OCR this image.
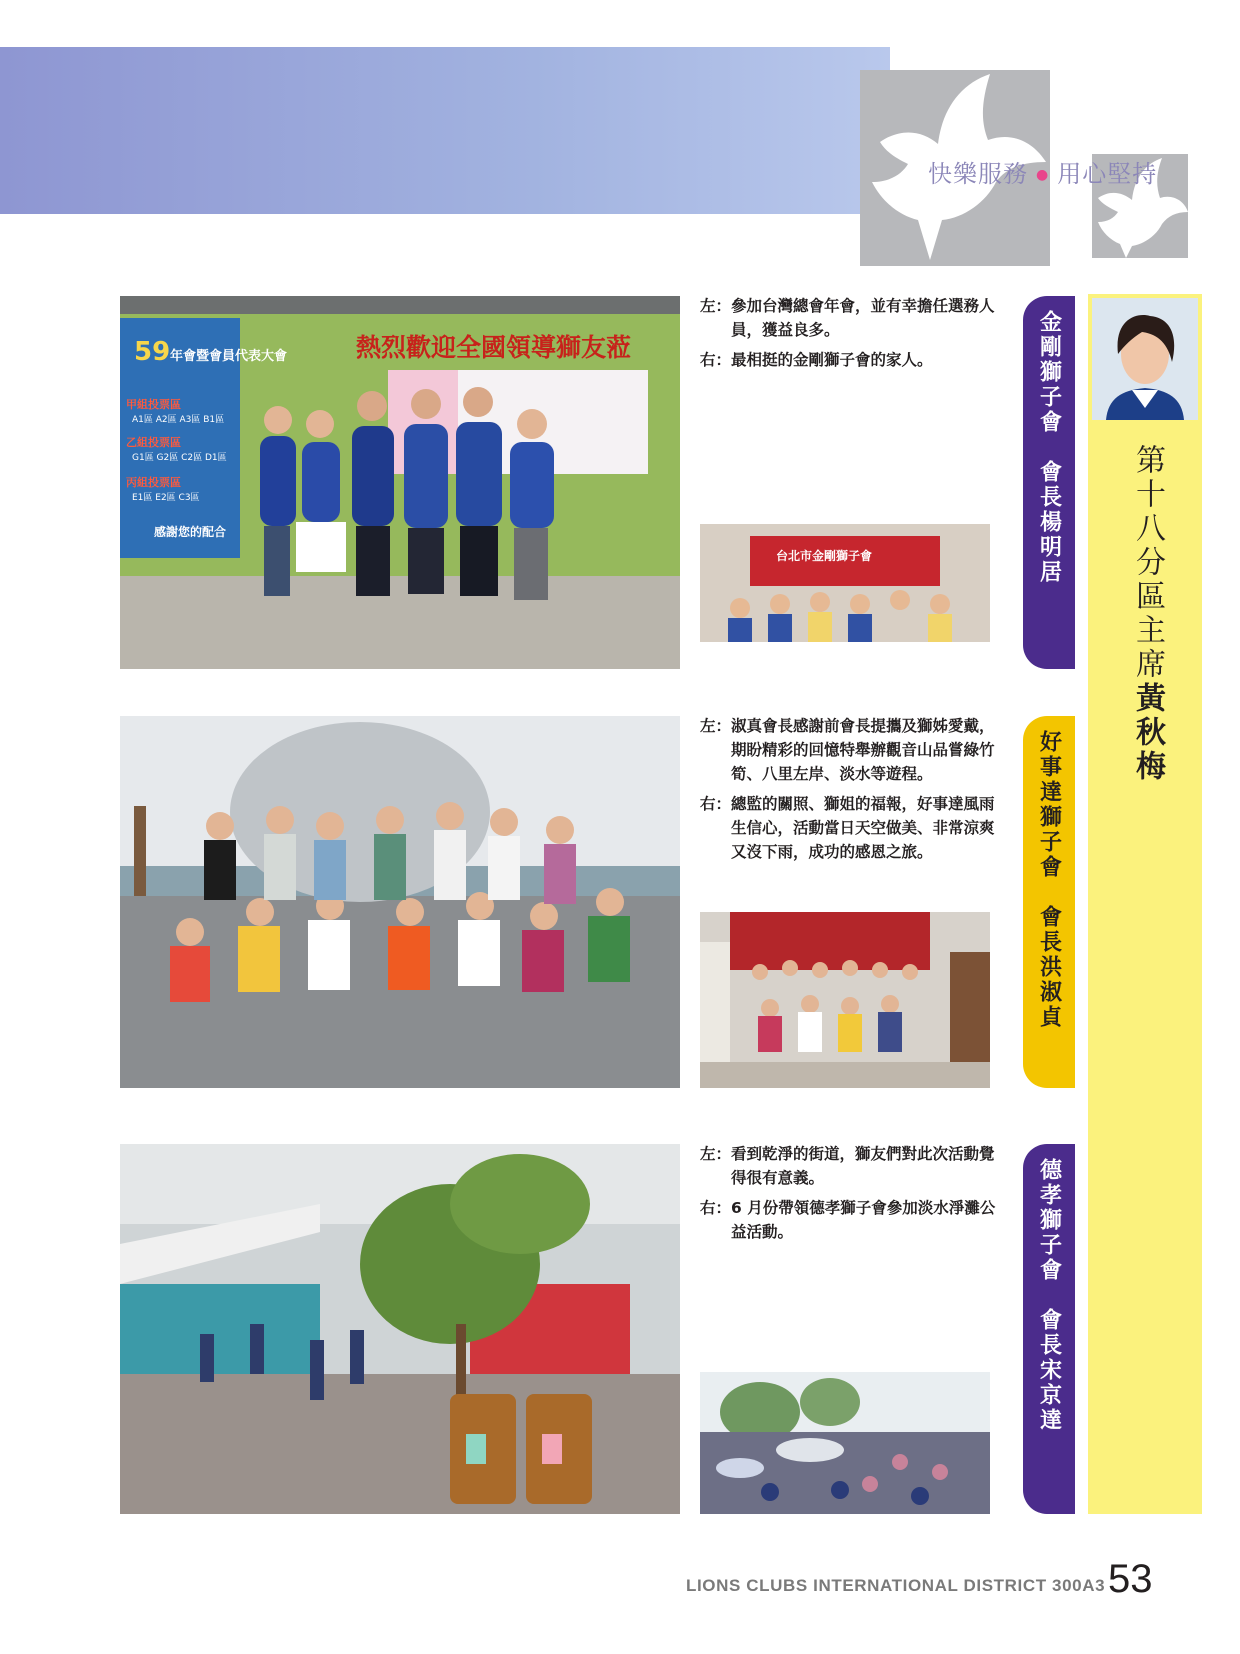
快樂服務 ● 用心堅持
第十八分區主席黃秋梅
59 年會暨會員代表大會
甲組投票區
A1區 A2區 A3區 B1區
乙組投票區
G1區 G2區 C2區 D1區
丙組投票區
E1區 E2區 C3區
感謝您的配合
熱烈歡迎全國領導獅友蒞
台北市金剛獅子會

左：參加台灣總會年會，並有幸擔任選務人員，獲益良多。

右：最相挺的金剛獅子會的家人。	金剛獅子會　會長楊明居

左：淑真會長感謝前會長提攜及獅姊愛戴，期盼精彩的回憶特舉辦觀音山品嘗綠竹筍、八里左岸、淡水等遊程。

右：總監的關照、獅姐的福報，好事達風雨生信心，活動當日天空做美、非常涼爽又沒下雨，成功的感恩之旅。	好事達獅子會　會長洪淑貞

左：看到乾淨的街道，獅友們對此次活動覺得很有意義。

右：6 月份帶領德孝獅子會參加淡水淨灘公益活動。	德孝獅子會　會長宋京達
LIONS CLUBS INTERNATIONAL DISTRICT 300A3 53
